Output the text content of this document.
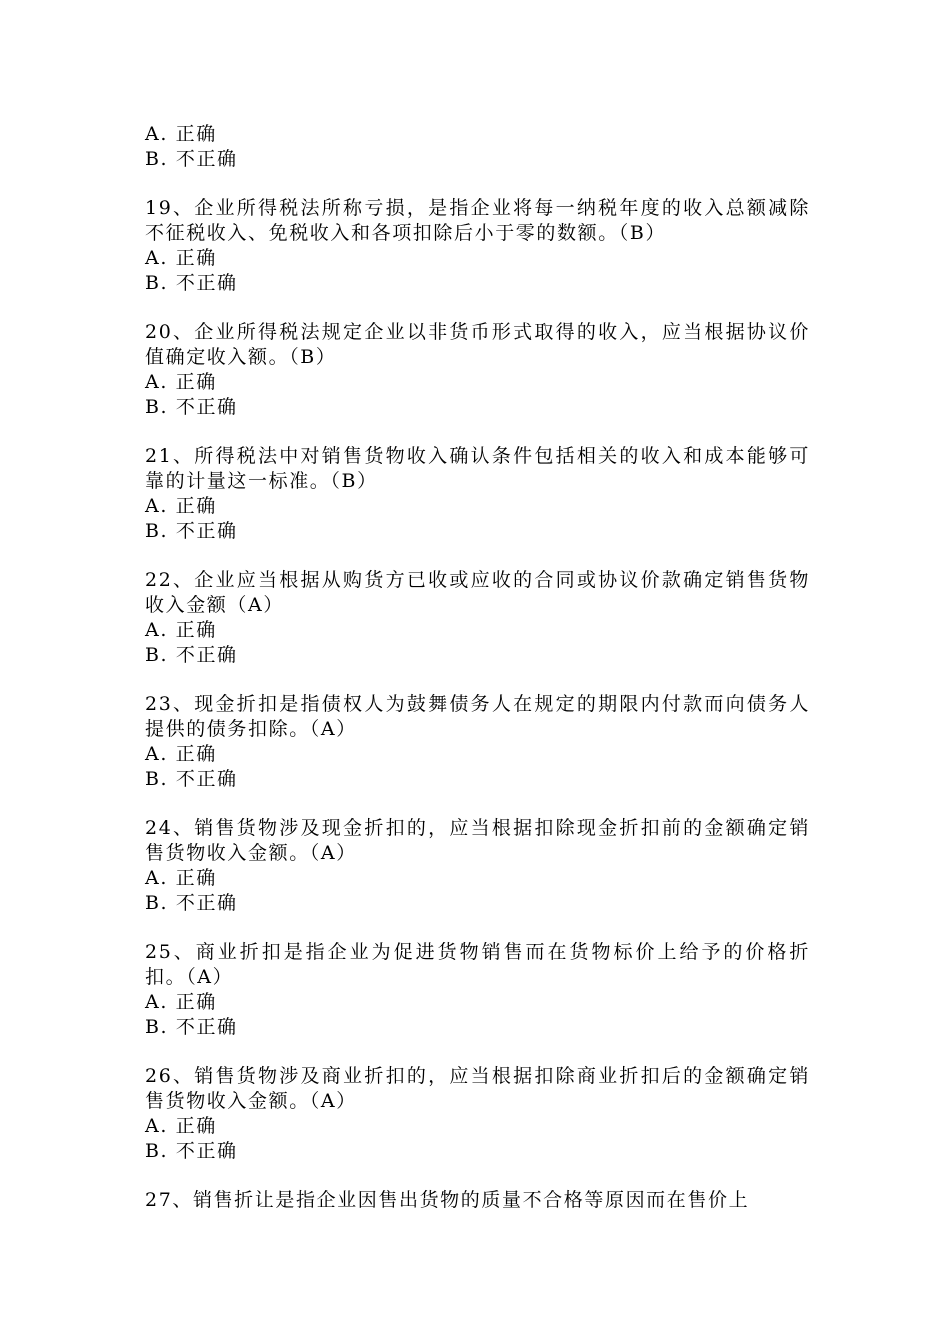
A. 正确

B. 不正确

19、企业所得税法所称亏损，是指企业将每一纳税年度的收入总额减除不征税收入、免税收入和各项扣除后小于零的数额。（B）

A. 正确

B. 不正确

20、企业所得税法规定企业以非货币形式取得的收入，应当根据协议价值确定收入额。（B）

A. 正确

B. 不正确

21、所得税法中对销售货物收入确认条件包括相关的收入和成本能够可靠的计量这一标准。（B）

A. 正确

B. 不正确

22、企业应当根据从购货方已收或应收的合同或协议价款确定销售货物收入金额（A）

A. 正确

B. 不正确

23、现金折扣是指债权人为鼓舞债务人在规定的期限内付款而向债务人提供的债务扣除。（A）

A. 正确

B. 不正确

24、销售货物涉及现金折扣的，应当根据扣除现金折扣前的金额确定销售货物收入金额。（A）

A. 正确

B. 不正确

25、商业折扣是指企业为促进货物销售而在货物标价上给予的价格折扣。（A）

A. 正确

B. 不正确

26、销售货物涉及商业折扣的，应当根据扣除商业折扣后的金额确定销售货物收入金额。（A）

A. 正确

B. 不正确

27、销售折让是指企业因售出货物的质量不合格等原因而在售价上
